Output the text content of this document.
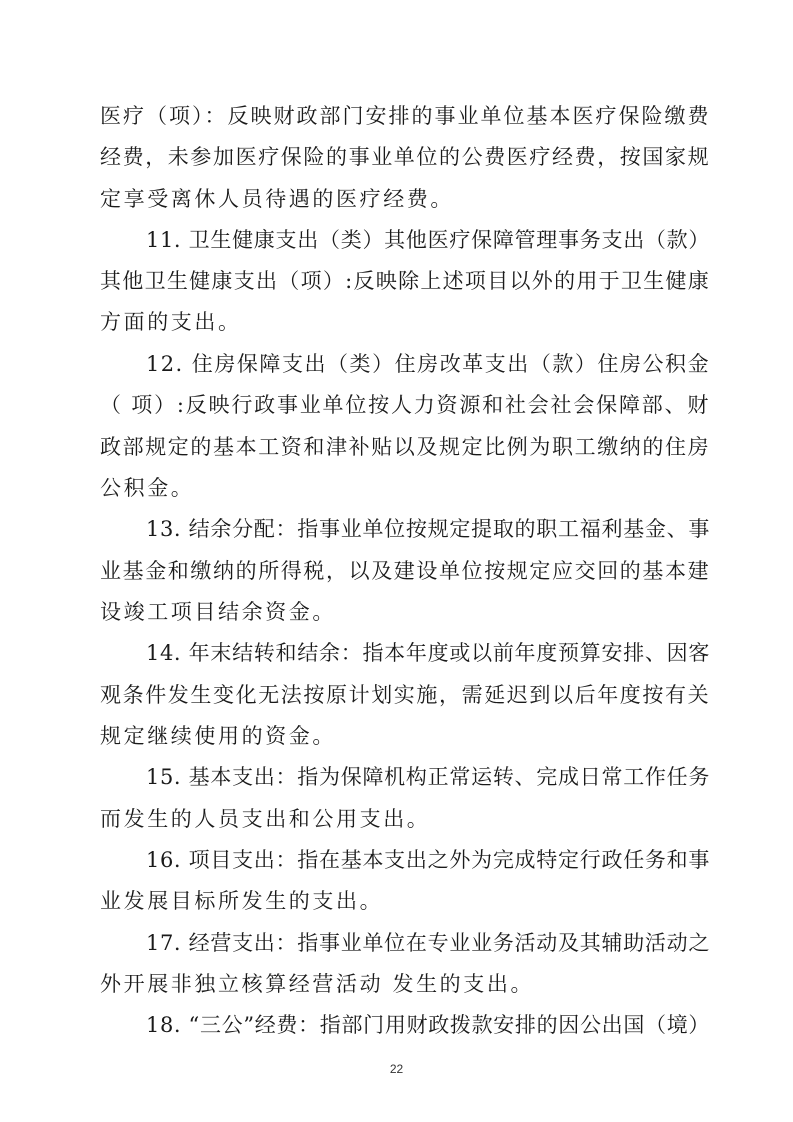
医疗（项）：反映财政部门安排的事业单位基本医疗保险缴费
经费，未参加医疗保险的事业单位的公费医疗经费，按国家规
定享受离休人员待遇的医疗经费。
11. 卫生健康支出（类）其他医疗保障管理事务支出（款）
其他卫生健康支出（项）:反映除上述项目以外的用于卫生健康
方面的支出。
12. 住房保障支出（类）住房改革支出（款）住房公积金
（ 项）:反映行政事业单位按人力资源和社会社会保障部、财
政部规定的基本工资和津补贴以及规定比例为职工缴纳的住房
公积金。
13. 结余分配：指事业单位按规定提取的职工福利基金、事
业基金和缴纳的所得税，以及建设单位按规定应交回的基本建
设竣工项目结余资金。
14. 年末结转和结余：指本年度或以前年度预算安排、因客
观条件发生变化无法按原计划实施，需延迟到以后年度按有关
规定继续使用的资金。
15. 基本支出：指为保障机构正常运转、完成日常工作任务
而发生的人员支出和公用支出。
16. 项目支出：指在基本支出之外为完成特定行政任务和事
业发展目标所发生的支出。
17. 经营支出：指事业单位在专业业务活动及其辅助活动之
外开展非独立核算经营活动 发生的支出。
18. “三公”经费：指部门用财政拨款安排的因公出国（境）
22
